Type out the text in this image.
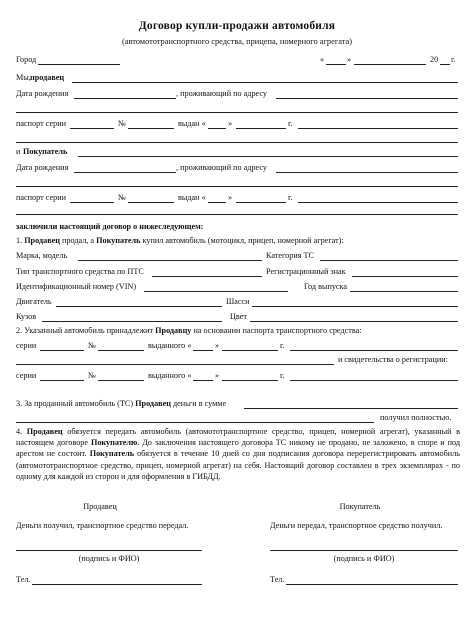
Договор купли-продажи автомобиля
(автомототранспортного средства, прицепа, номерного агрегата)
Город	«	»	20 г.
Мы, продавец
Дата рождения	, проживающий по адресу
паспорт серии	№	выдан «	»	г.
и Покупатель
Дата рождения	, проживающий по адресу
паспорт серии	№	выдан «	»	г.
заключили настоящий договор о нижеследующем:
1. Продавец продал, а Покупатель купил автомобиль (мотоцикл, прицеп, номерной агрегат):
Марка, модель	Категория ТС
Тип транспортного средства по ПТС	Регистрационный знак
Идентификационный номер (VIN)	Год выпуска
Двигатель	Шасси
Кузов	Цвет
2. Указанный автомобиль принадлежит Продавцу на основании паспорта транспортного средства:
серии	№	выданного «	»	г.
и свидетельства о регистрации:
серии	№	выданного «	»	г.
3. За проданный автомобиль (ТС) Продавец деньги в сумме
получил полностью.
4. Продавец обязуется передать автомобиль (автомототранспортное средство, прицеп, номерной агрегат), указанный в настоящем договоре Покупателю. До заключения настоящего договора ТС никому не продано, не заложено, в споре и под арестом не состоит. Покупатель обязуется в течение 10 дней со дня подписания договора перерегистрировать автомобиль (автомототранспортное средство, прицеп, номерной агрегат) на себя. Настоящий договор составлен в трех экземплярах - по одному для каждой из сторон и для оформления в ГИБДД.
Продавец	Покупатель
Деньги получил, транспортное средство передал.	Деньги передал, транспортное средство получил.
(подпись и ФИО)	(подпись и ФИО)
Тел.	Тел.
